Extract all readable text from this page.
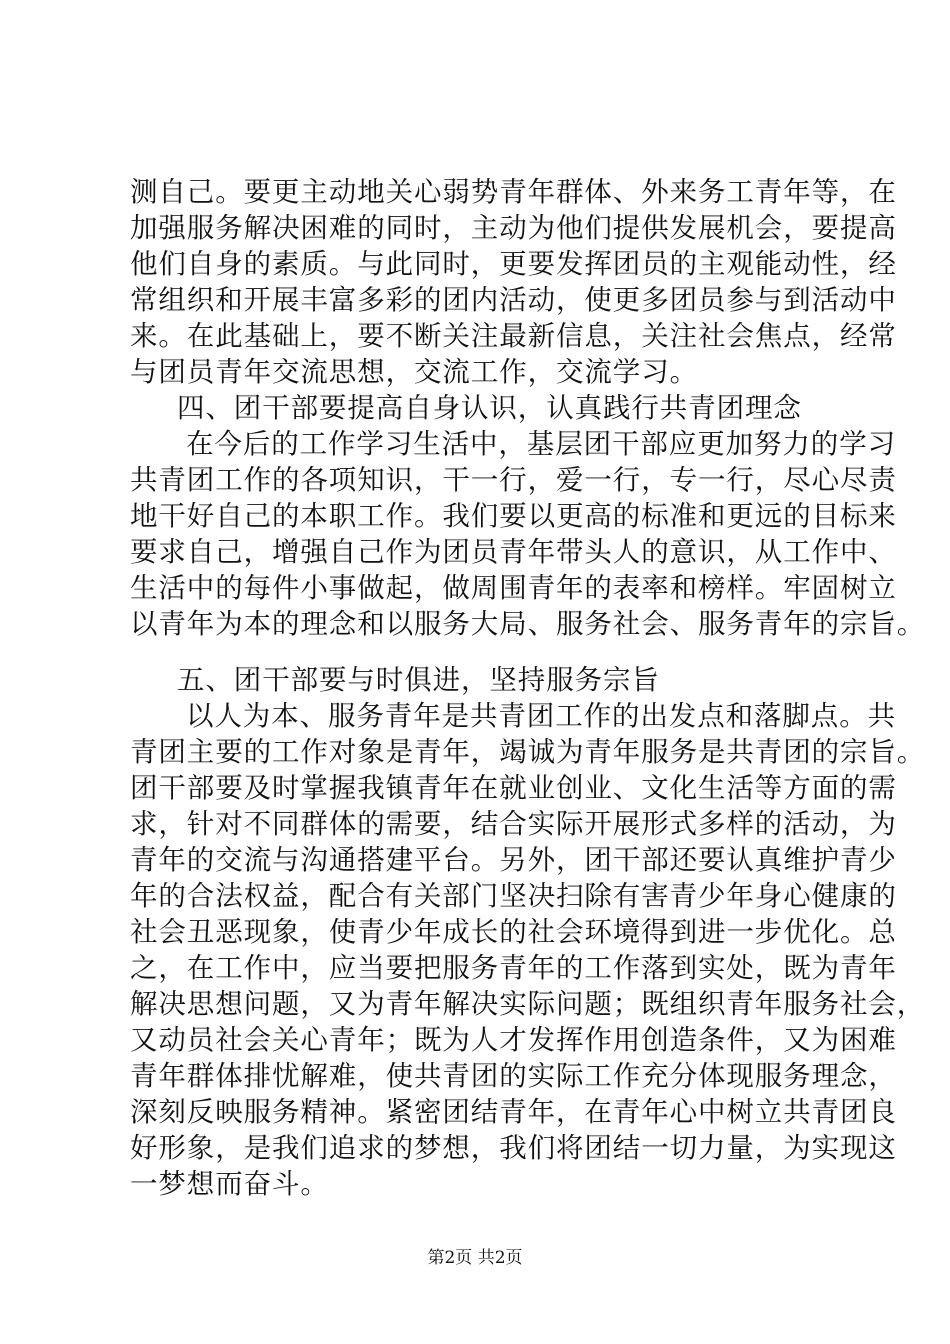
测自己。要更主动地关心弱势青年群体、外来务工青年等，在
加强服务解决困难的同时，主动为他们提供发展机会，要提高
他们自身的素质。与此同时，更要发挥团员的主观能动性，经
常组织和开展丰富多彩的团内活动，使更多团员参与到活动中
来。在此基础上，要不断关注最新信息，关注社会焦点，经常
与团员青年交流思想，交流工作，交流学习。
四、团干部要提高自身认识，认真践行共青团理念
在今后的工作学习生活中，基层团干部应更加努力的学习
共青团工作的各项知识，干一行，爱一行，专一行，尽心尽责
地干好自己的本职工作。我们要以更高的标准和更远的目标来
要求自己，增强自己作为团员青年带头人的意识，从工作中、
生活中的每件小事做起，做周围青年的表率和榜样。牢固树立
以青年为本的理念和以服务大局、服务社会、服务青年的宗旨。
五、团干部要与时俱进，坚持服务宗旨
以人为本、服务青年是共青团工作的出发点和落脚点。共
青团主要的工作对象是青年，竭诚为青年服务是共青团的宗旨。
团干部要及时掌握我镇青年在就业创业、文化生活等方面的需
求，针对不同群体的需要，结合实际开展形式多样的活动，为
青年的交流与沟通搭建平台。另外，团干部还要认真维护青少
年的合法权益，配合有关部门坚决扫除有害青少年身心健康的
社会丑恶现象，使青少年成长的社会环境得到进一步优化。总
之，在工作中，应当要把服务青年的工作落到实处，既为青年
解决思想问题，又为青年解决实际问题；既组织青年服务社会，
又动员社会关心青年；既为人才发挥作用创造条件，又为困难
青年群体排忧解难，使共青团的实际工作充分体现服务理念，
深刻反映服务精神。紧密团结青年，在青年心中树立共青团良
好形象，是我们追求的梦想，我们将团结一切力量，为实现这
一梦想而奋斗。
第2页 共2页
